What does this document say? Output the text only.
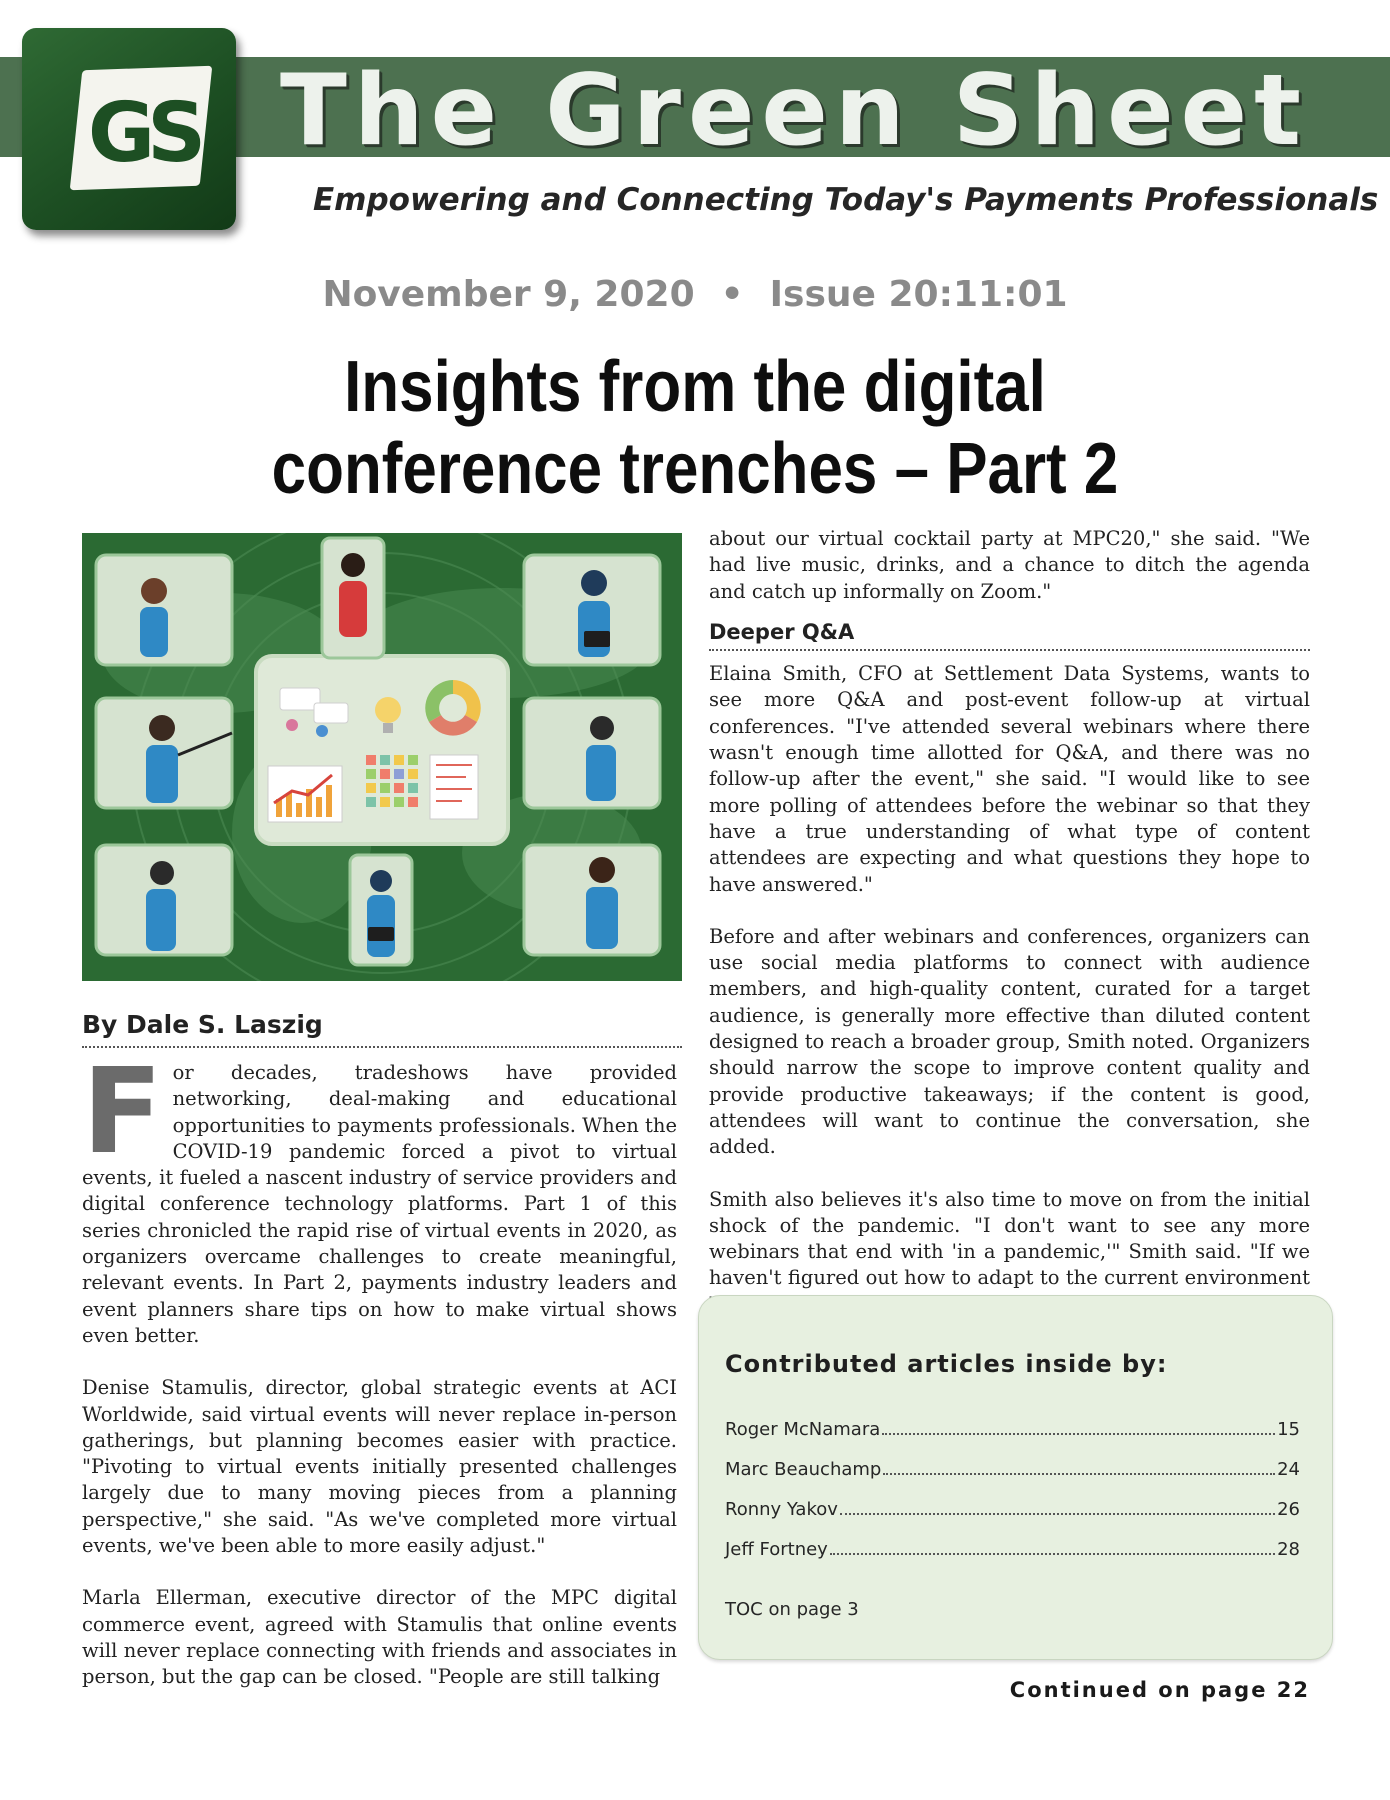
GS The Green Sheet
Empowering and Connecting Today's Payments Professionals
November 9, 2020 • Issue 20:11:01
Insights from the digital
conference trenches – Part 2
By Dale S. Laszig

For decades, tradeshows have provided networking, deal-making and educational opportunities to payments professionals. When the COVID-19 pandemic forced a pivot to virtual events, it fueled a nascent industry of service providers and digital conference technology platforms. Part 1 of this series chronicled the rapid rise of virtual events in 2020, as organizers overcame challenges to create meaningful, relevant events. In Part 2, payments industry leaders and event planners share tips on how to make virtual shows even better.

Denise Stamulis, director, global strategic events at ACI Worldwide, said virtual events will never replace in-person gatherings, but planning becomes easier with practice. "Pivoting to virtual events initially presented challenges largely due to many moving pieces from a planning perspective," she said. "As we've completed more virtual events, we've been able to more easily adjust."

Marla Ellerman, executive director of the MPC digital commerce event, agreed with Stamulis that online events will never replace connecting with friends and associates in person, but the gap can be closed. "People are still talking

about our virtual cocktail party at MPC20," she said. "We had live music, drinks, and a chance to ditch the agenda and catch up informally on Zoom."

Deeper Q&A

Elaina Smith, CFO at Settlement Data Systems, wants to see more Q&A and post-event follow-up at virtual conferences. "I've attended several webinars where there wasn't enough time allotted for Q&A, and there was no follow-up after the event," she said. "I would like to see more polling of attendees before the webinar so that they have a true understanding of what type of content attendees are expecting and what questions they hope to have answered."

Before and after webinars and conferences, organizers can use social media platforms to connect with audience members, and high-quality content, curated for a target audience, is generally more effective than diluted content designed to reach a broader group, Smith noted. Organizers should narrow the scope to improve content quality and provide productive takeaways; if the content is good, attendees will want to continue the conversation, she added.

Smith also believes it's also time to move on from the initial shock of the pandemic. "I don't want to see any more webinars that end with 'in a pandemic,'" Smith said. "If we haven't figured out how to adapt to the current environment

Contributed articles inside by:
Roger McNamara	15
Marc Beauchamp	24
Ronny Yakov	26
Jeff Fortney	28
TOC on page 3
Continued on page 22
